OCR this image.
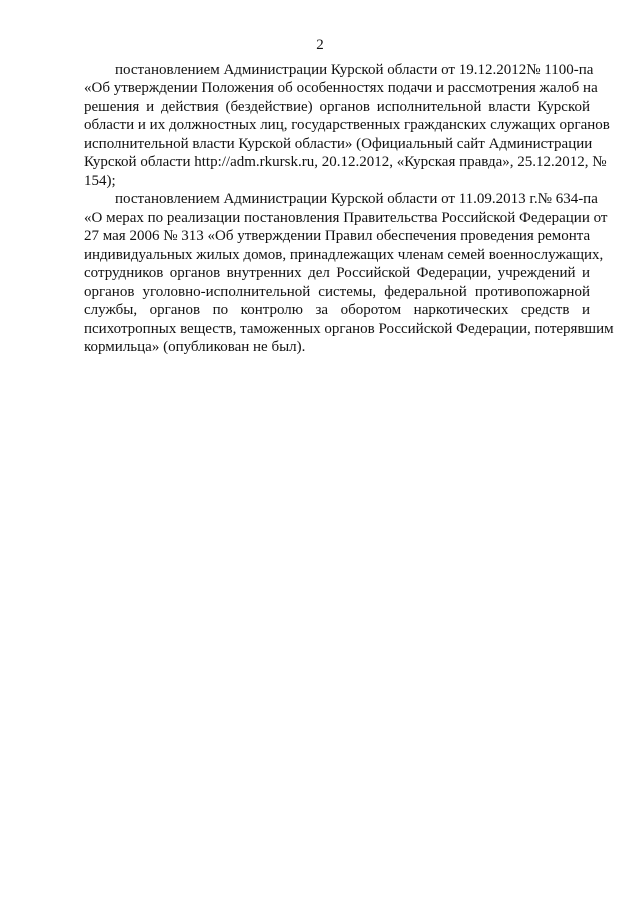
2
постановлением Администрации Курской области от 19.12.2012№ 1100-па
«Об утверждении Положения об особенностях подачи и рассмотрения жалоб на
решения и действия (бездействие) органов исполнительной власти Курской
области и их должностных лиц, государственных гражданских служащих органов
исполнительной власти Курской области» (Официальный сайт Администрации
Курской области http://adm.rkursk.ru, 20.12.2012, «Курская правда», 25.12.2012, №
154);
постановлением Администрации Курской области от 11.09.2013 г.№ 634-па
«О мерах по реализации постановления Правительства Российской Федерации от
27 мая 2006 № 313 «Об утверждении Правил обеспечения проведения ремонта
индивидуальных жилых домов, принадлежащих членам семей военнослужащих,
сотрудников органов внутренних дел Российской Федерации, учреждений и
органов уголовно-исполнительной системы, федеральной противопожарной
службы, органов по контролю за оборотом наркотических средств и
психотропных веществ, таможенных органов Российской Федерации, потерявшим
кормильца» (опубликован не был).
